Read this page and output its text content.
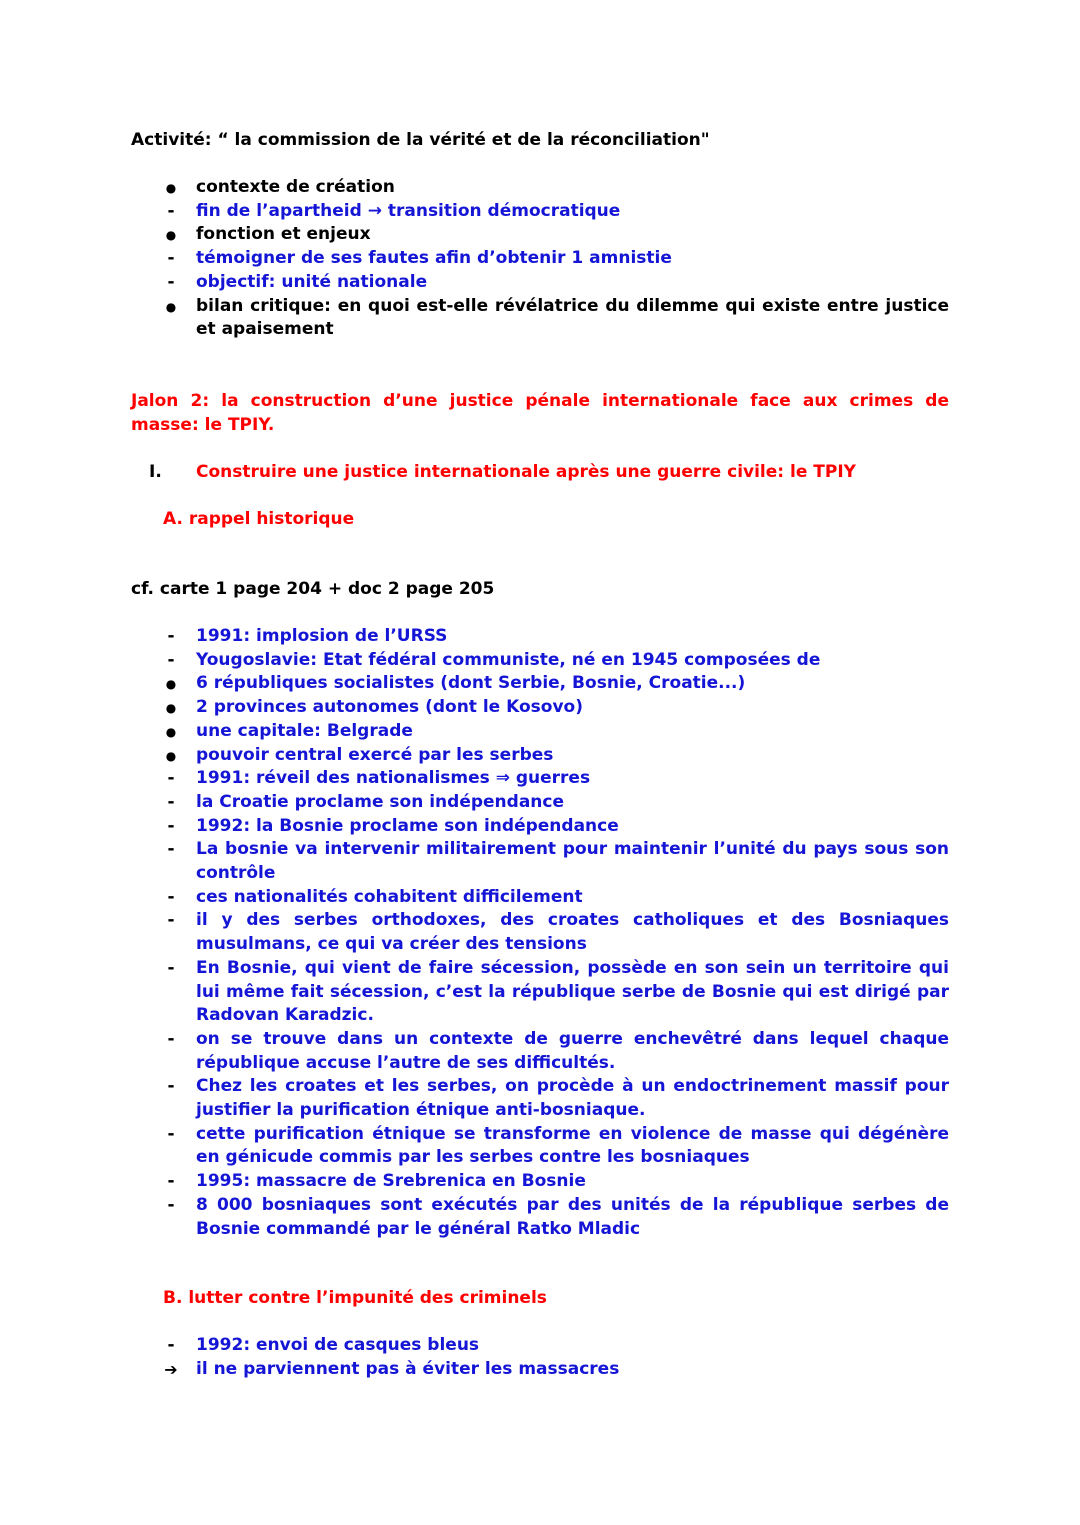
Activité: “ la commission de la vérité et de la réconciliation"

●
contexte de création
-
fin de l’apartheid → transition démocratique
●
fonction et enjeux
-
témoigner de ses fautes afin d’obtenir 1 amnistie
-
objectif: unité nationale
●
bilan critique: en quoi est-elle révélatrice du dilemme qui existe entre justice et apaisement

Jalon 2: la construction d’une justice pénale internationale face aux crimes de masse: le TPIY.

I. Construire une justice internationale après une guerre civile: le TPIY
A. rappel historique

cf. carte 1 page 204 + doc 2 page 205

-
1991: implosion de l’URSS
-
Yougoslavie: Etat fédéral communiste, né en 1945 composées de
●
6 républiques socialistes (dont Serbie, Bosnie, Croatie...)
●
2 provinces autonomes (dont le Kosovo)
●
une capitale: Belgrade
●
pouvoir central exercé par les serbes
-
1991: réveil des nationalismes ⇒ guerres
-
la Croatie proclame son indépendance
-
1992: la Bosnie proclame son indépendance
-
La bosnie va intervenir militairement pour maintenir l’unité du pays sous son contrôle
-
ces nationalités cohabitent difficilement
-
il y des serbes orthodoxes, des croates catholiques et des Bosniaques musulmans, ce qui va créer des tensions
-
En Bosnie, qui vient de faire sécession, possède en son sein un territoire qui lui même fait sécession, c’est la république serbe de Bosnie qui est dirigé par Radovan Karadzic.
-
on se trouve dans un contexte de guerre enchevêtré dans lequel chaque république accuse l’autre de ses difficultés.
-
Chez les croates et les serbes, on procède à un endoctrinement massif pour justifier la purification étnique anti-bosniaque.
-
cette purification étnique se transforme en violence de masse qui dégénère en génicude commis par les serbes contre les bosniaques
-
1995: massacre de Srebrenica en Bosnie
-
8 000 bosniaques sont exécutés par des unités de la république serbes de Bosnie commandé par le général Ratko Mladic
B. lutter contre l’impunité des criminels
-
1992: envoi de casques bleus
➔
il ne parviennent pas à éviter les massacres
